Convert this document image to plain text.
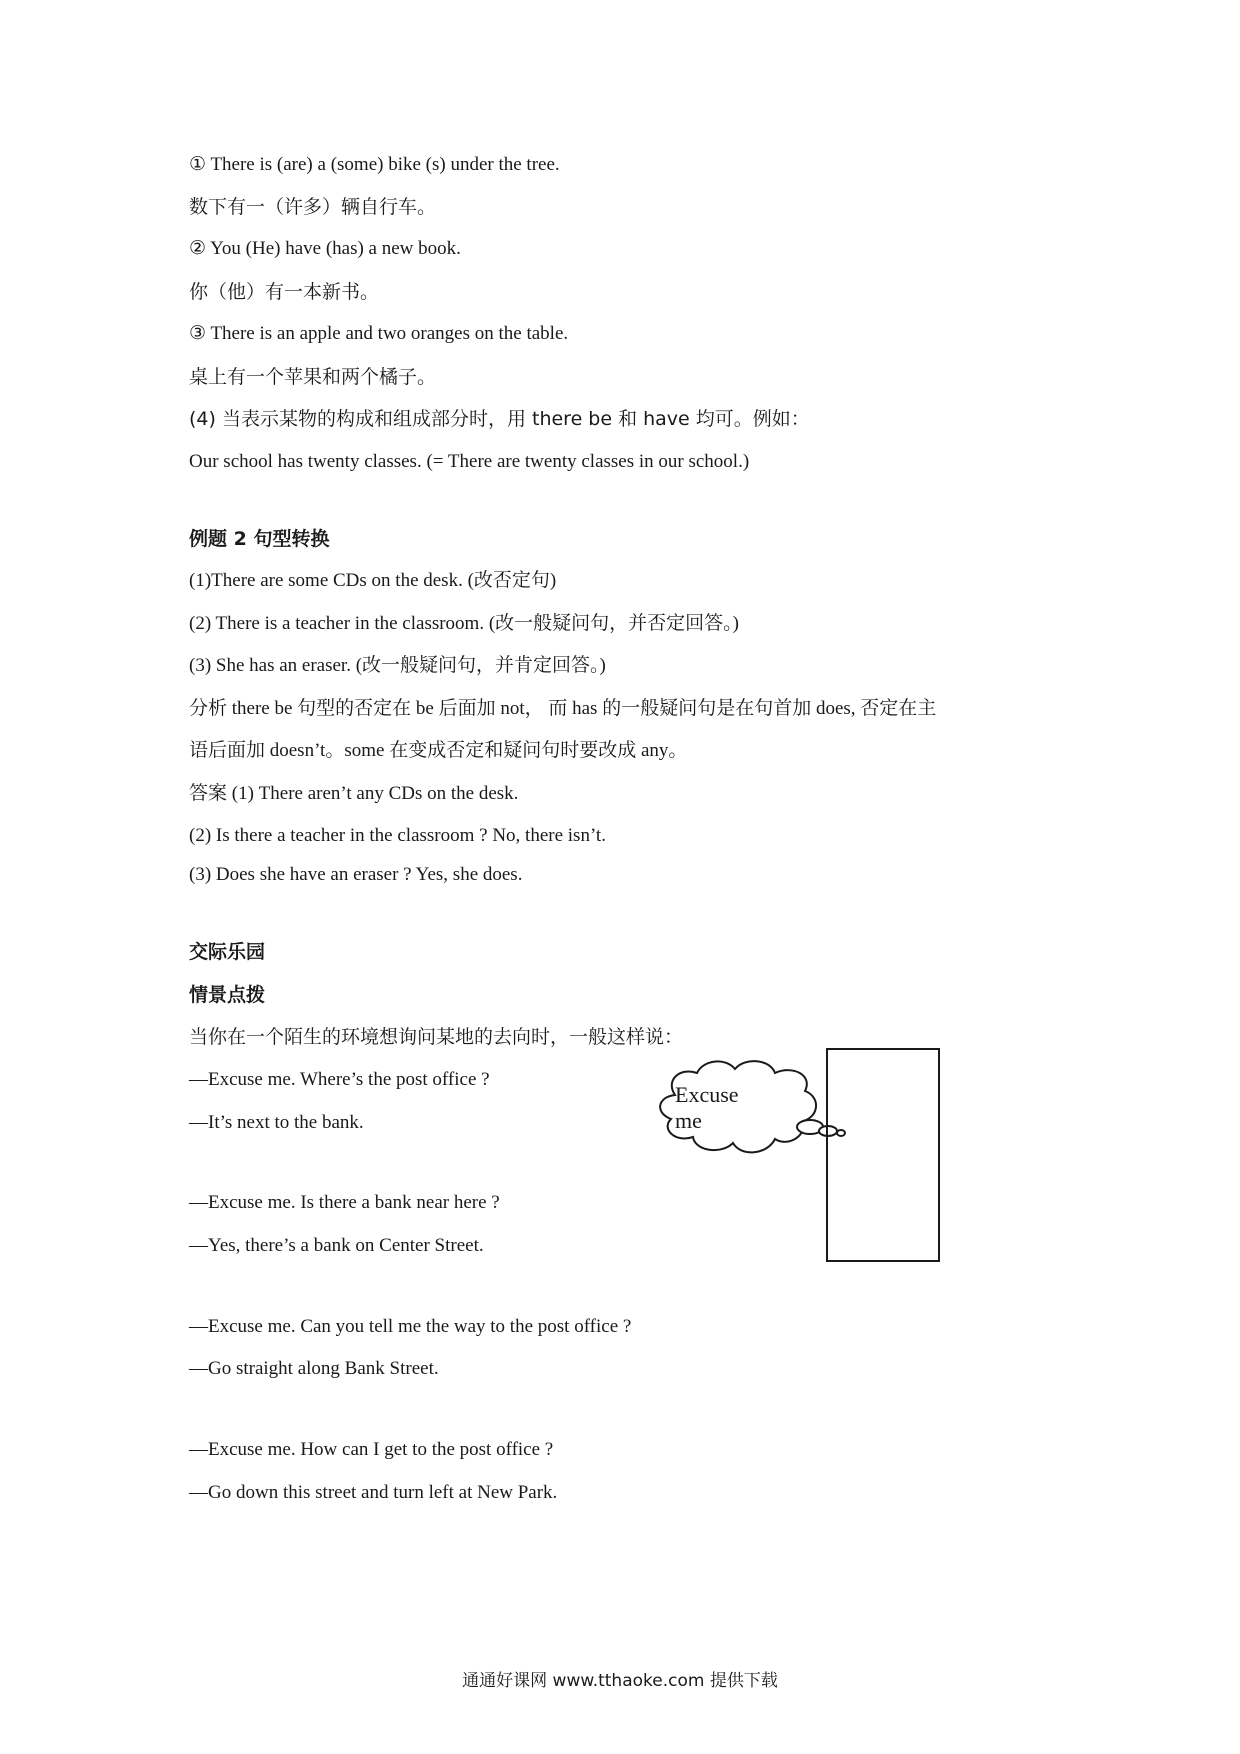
① There is (are) a (some) bike (s) under the tree.
数下有一（许多）辆自行车。
② You (He) have (has) a new book.
你（他）有一本新书。
③ There is an apple and two oranges on the table.
桌上有一个苹果和两个橘子。
(4) 当表示某物的构成和组成部分时，用 there be 和 have 均可。例如：
Our school has twenty classes. (= There are twenty classes in our school.)
例题 2 句型转换
(1)There are some CDs on the desk. (改否定句)
(2) There is a teacher in the classroom. (改一般疑问句，并否定回答。)
(3) She has an eraser. (改一般疑问句，并肯定回答。)
分析 there be 句型的否定在 be 后面加 not， 而 has 的一般疑问句是在句首加 does, 否定在主
语后面加 doesn’t。some 在变成否定和疑问句时要改成 any。
答案 (1) There aren’t any CDs on the desk.
(2) Is there a teacher in the classroom ? No, there isn’t.
(3) Does she have an eraser ? Yes, she does.
交际乐园
情景点拨
当你在一个陌生的环境想询问某地的去向时，一般这样说：
—Excuse me. Where’s the post office ?
—It’s next to the bank.
—Excuse me. Is there a bank near here ?
—Yes, there’s a bank on Center Street.
—Excuse me. Can you tell me the way to the post office ?
—Go straight along Bank Street.
—Excuse me. How can I get to the post office ?
—Go down this street and turn left at New Park.
Excuse me
通通好课网 www.tthaoke.com 提供下载
